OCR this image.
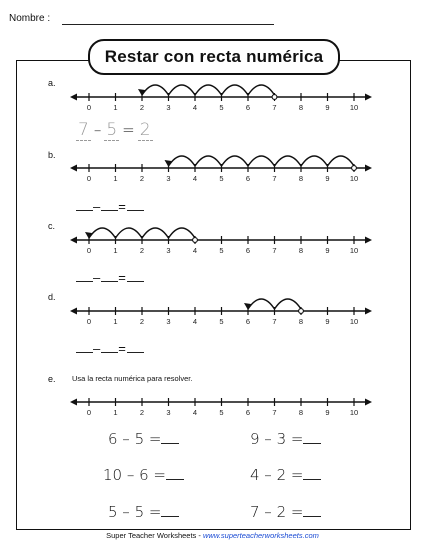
Nombre :
Restar con recta numérica
a.
b.
c.
d.
e. Usa la recta numérica para resolver.
0	1	2	3	4	5	6	7	8	9	10
0	1	2	3	4	5	6	7	8	9	10
0	1	2	3	4	5	6	7	8	9	10
0	1	2	3	4	5	6	7	8	9	10
0	1	2	3	4	5	6	7	8	9	10
7 – 5 = 2
– =
– =
– =
6 – 5 =	9 – 3 =
10 – 6 =	4 – 2 =
5 – 5 =	7 – 2 =
Super Teacher Worksheets - www.superteacherworksheets.com
